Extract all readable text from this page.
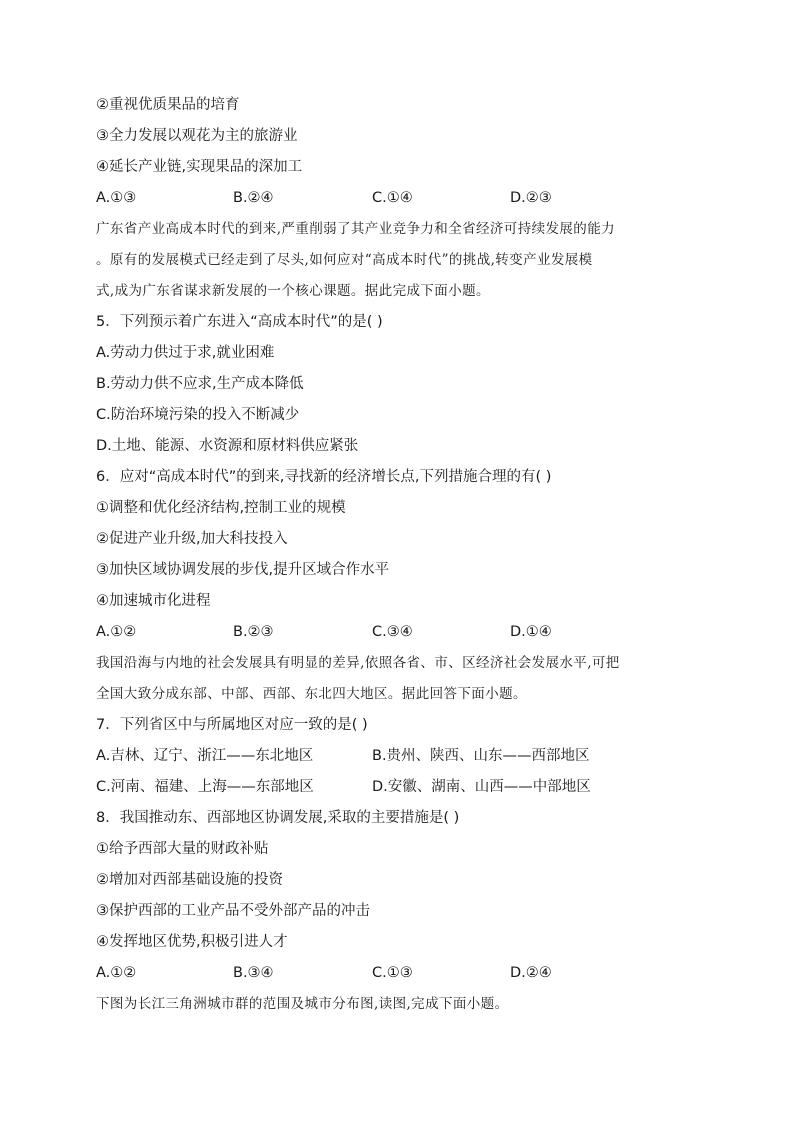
②重视优质果品的培育
③全力发展以观花为主的旅游业
④延长产业链,实现果品的深加工
A.①③	B.②④	C.①④	D.②③
广东省产业高成本时代的到来,严重削弱了其产业竞争力和全省经济可持续发展的能力
。原有的发展模式已经走到了尽头,如何应对“高成本时代”的挑战,转变产业发展模
式,成为广东省谋求新发展的一个核心课题。据此完成下面小题。
5．下列预示着广东进入“高成本时代”的是( )
A.劳动力供过于求,就业困难
B.劳动力供不应求,生产成本降低
C.防治环境污染的投入不断减少
D.土地、能源、水资源和原材料供应紧张
6．应对“高成本时代”的到来,寻找新的经济增长点,下列措施合理的有( )
①调整和优化经济结构,控制工业的规模
②促进产业升级,加大科技投入
③加快区域协调发展的步伐,提升区域合作水平
④加速城市化进程
A.①②	B.②③	C.③④	D.①④
我国沿海与内地的社会发展具有明显的差异,依照各省、市、区经济社会发展水平,可把
全国大致分成东部、中部、西部、东北四大地区。据此回答下面小题。
7．下列省区中与所属地区对应一致的是( )
A.吉林、辽宁、浙江——东北地区	B.贵州、陕西、山东——西部地区
C.河南、福建、上海——东部地区	D.安徽、湖南、山西——中部地区
8．我国推动东、西部地区协调发展,采取的主要措施是( )
①给予西部大量的财政补贴
②增加对西部基础设施的投资
③保护西部的工业产品不受外部产品的冲击
④发挥地区优势,积极引进人才
A.①②	B.③④	C.①③	D.②④
下图为长江三角洲城市群的范围及城市分布图,读图,完成下面小题。
